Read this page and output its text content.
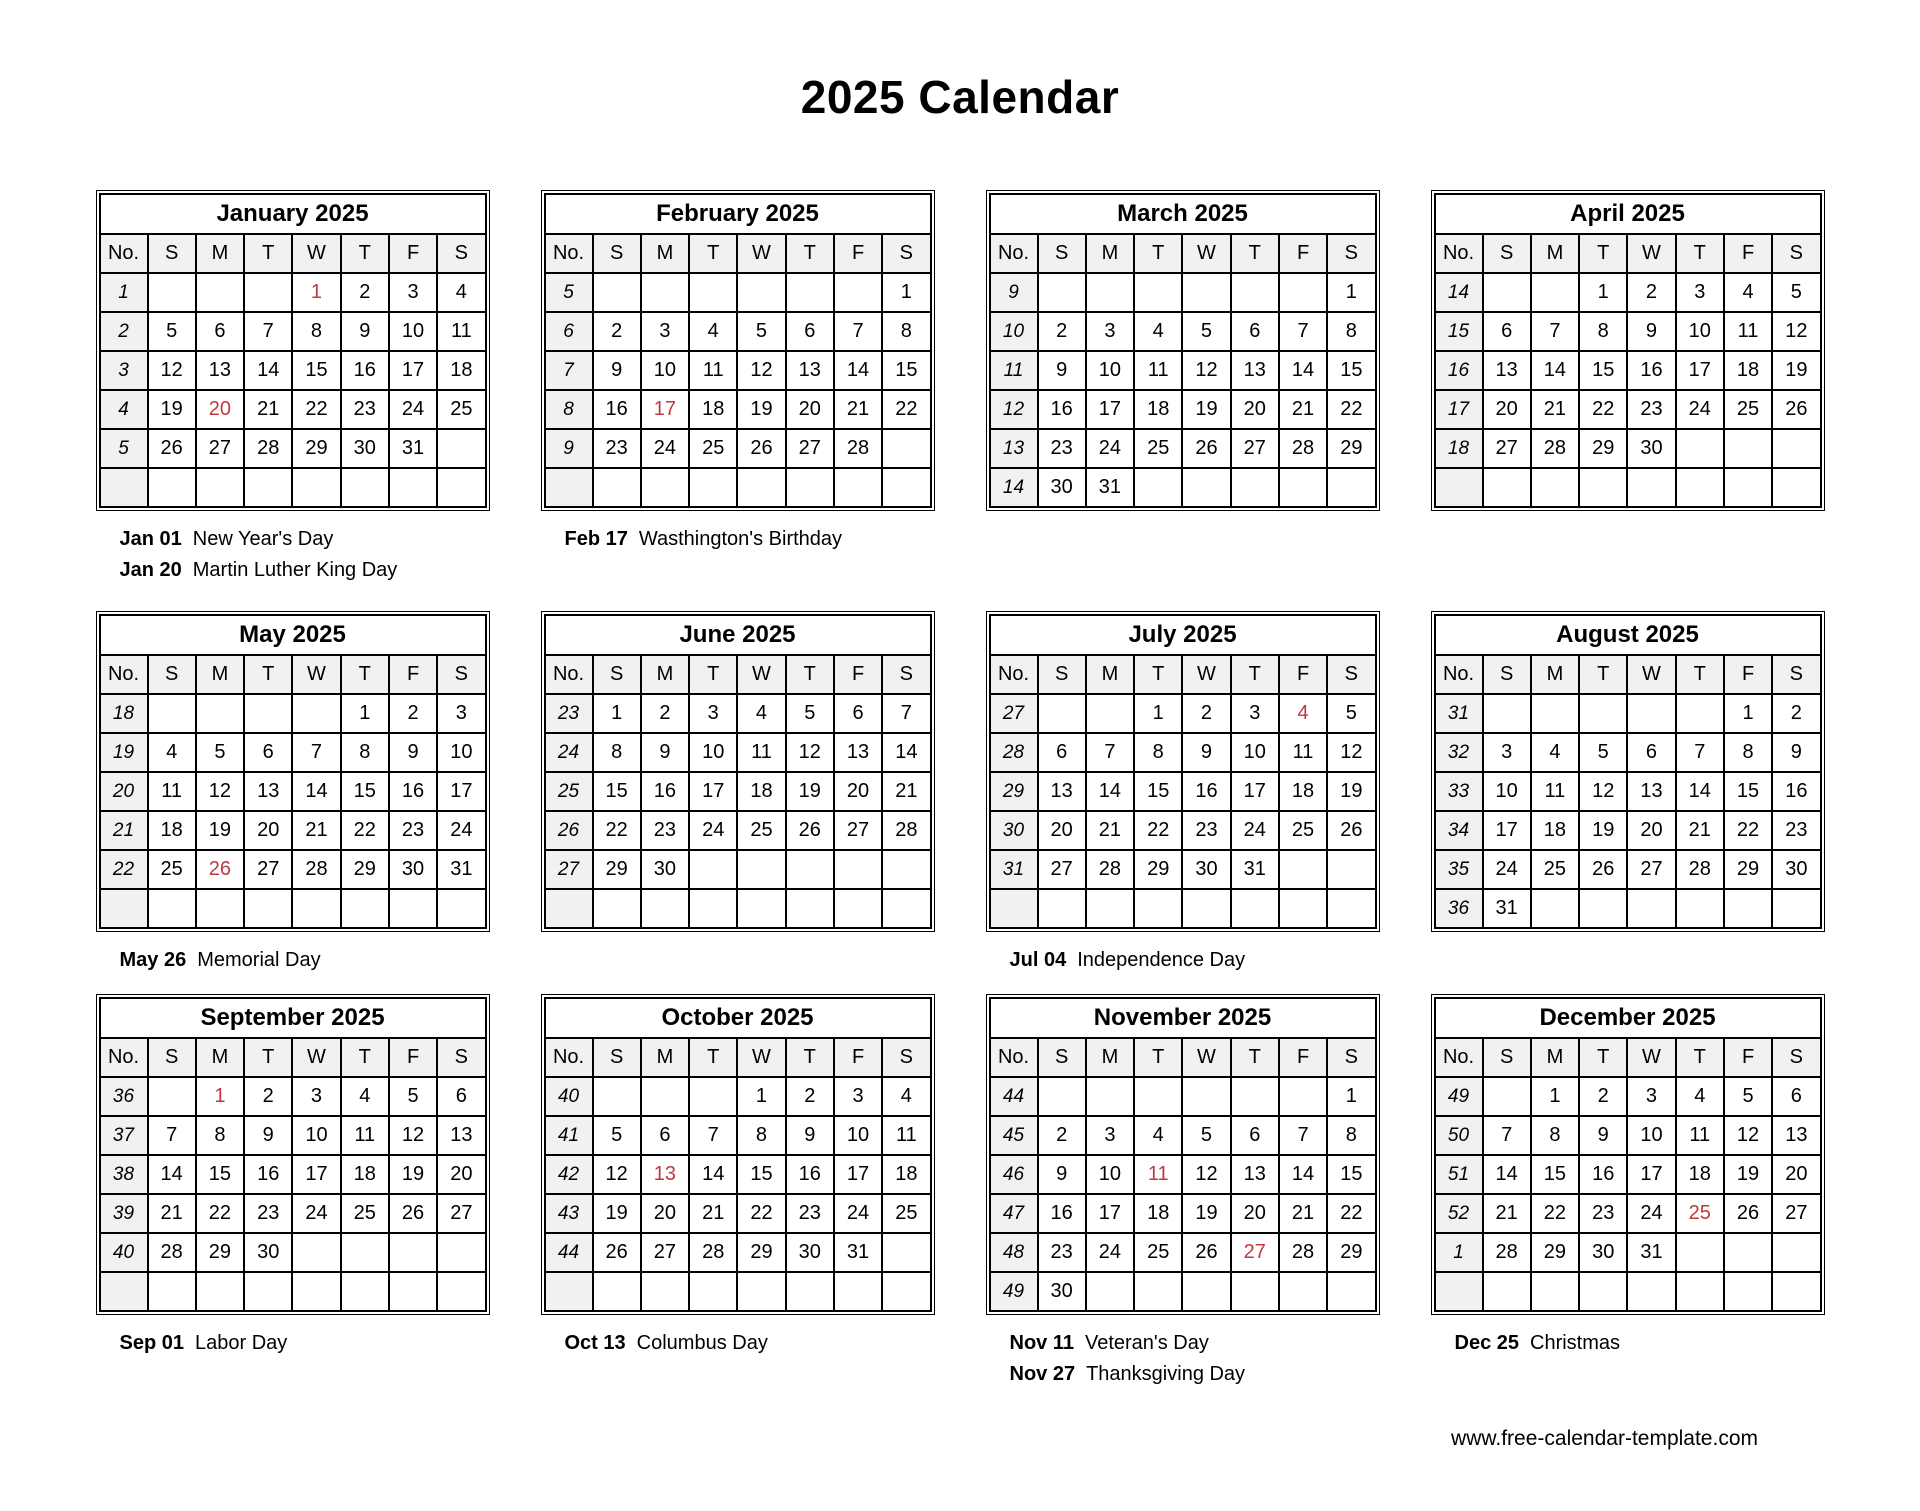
2025 Calendar
January 2025							
No.	S	M	T	W	T	F	S
1				1	2	3	4
2	5	6	7	8	9	10	11
3	12	13	14	15	16	17	18
4	19	20	21	22	23	24	25
5	26	27	28	29	30	31	

Jan 01 New Year's Day
Jan 20 Martin Luther King Day
February 2025							
No.	S	M	T	W	T	F	S
5							1
6	2	3	4	5	6	7	8
7	9	10	11	12	13	14	15
8	16	17	18	19	20	21	22
9	23	24	25	26	27	28	

Feb 17 Wasthington's Birthday
March 2025							
No.	S	M	T	W	T	F	S
9							1
10	2	3	4	5	6	7	8
11	9	10	11	12	13	14	15
12	16	17	18	19	20	21	22
13	23	24	25	26	27	28	29
14	30	31					
April 2025							
No.	S	M	T	W	T	F	S
14			1	2	3	4	5
15	6	7	8	9	10	11	12
16	13	14	15	16	17	18	19
17	20	21	22	23	24	25	26
18	27	28	29	30			

May 2025							
No.	S	M	T	W	T	F	S
18					1	2	3
19	4	5	6	7	8	9	10
20	11	12	13	14	15	16	17
21	18	19	20	21	22	23	24
22	25	26	27	28	29	30	31

May 26 Memorial Day
June 2025							
No.	S	M	T	W	T	F	S
23	1	2	3	4	5	6	7
24	8	9	10	11	12	13	14
25	15	16	17	18	19	20	21
26	22	23	24	25	26	27	28
27	29	30					

July 2025							
No.	S	M	T	W	T	F	S
27			1	2	3	4	5
28	6	7	8	9	10	11	12
29	13	14	15	16	17	18	19
30	20	21	22	23	24	25	26
31	27	28	29	30	31		

Jul 04 Independence Day
August 2025							
No.	S	M	T	W	T	F	S
31						1	2
32	3	4	5	6	7	8	9
33	10	11	12	13	14	15	16
34	17	18	19	20	21	22	23
35	24	25	26	27	28	29	30
36	31						
September 2025							
No.	S	M	T	W	T	F	S
36		1	2	3	4	5	6
37	7	8	9	10	11	12	13
38	14	15	16	17	18	19	20
39	21	22	23	24	25	26	27
40	28	29	30				

Sep 01 Labor Day
October 2025							
No.	S	M	T	W	T	F	S
40				1	2	3	4
41	5	6	7	8	9	10	11
42	12	13	14	15	16	17	18
43	19	20	21	22	23	24	25
44	26	27	28	29	30	31	

Oct 13 Columbus Day
November 2025							
No.	S	M	T	W	T	F	S
44							1
45	2	3	4	5	6	7	8
46	9	10	11	12	13	14	15
47	16	17	18	19	20	21	22
48	23	24	25	26	27	28	29
49	30						
Nov 11 Veteran's Day
Nov 27 Thanksgiving Day
December 2025							
No.	S	M	T	W	T	F	S
49		1	2	3	4	5	6
50	7	8	9	10	11	12	13
51	14	15	16	17	18	19	20
52	21	22	23	24	25	26	27
1	28	29	30	31			

Dec 25 Christmas
www.free-calendar-template.com
